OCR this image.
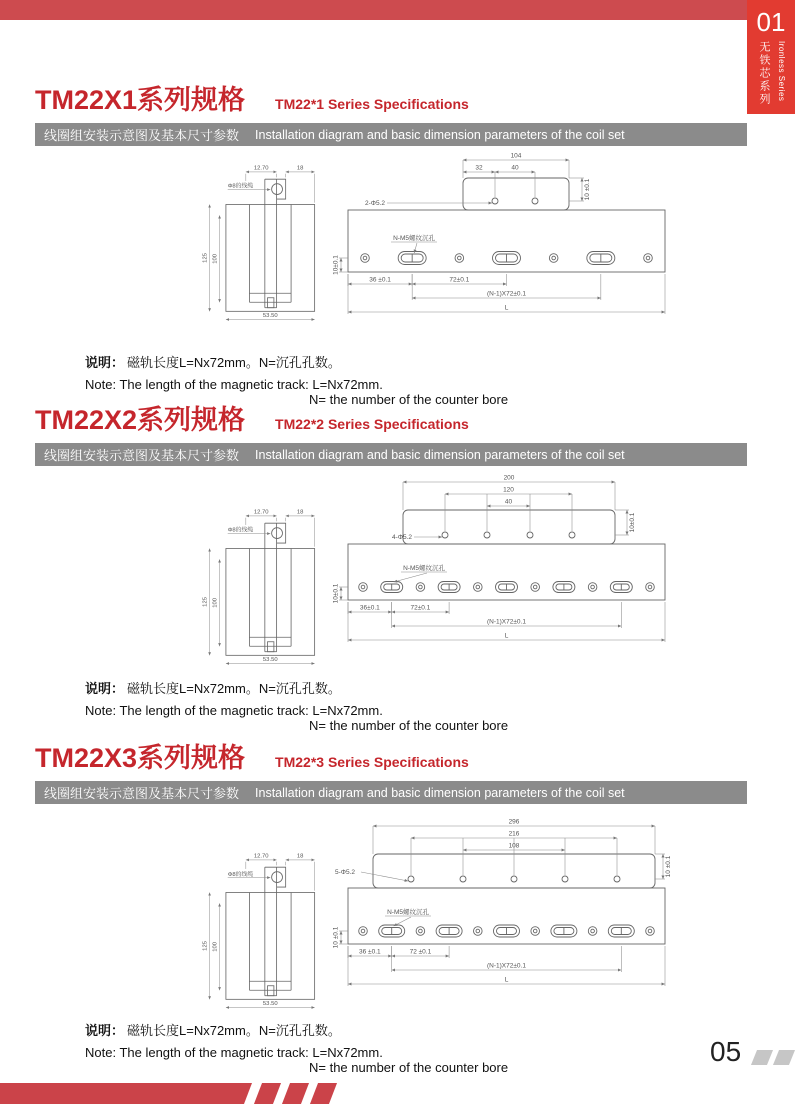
01
无铁芯系列 Ironless Series
TM22X1系列规格 TM22*1 Series Specifications
线圈组安装示意图及基本尺寸参数 Installation diagram and basic dimension parameters of the coil set
12.70	18
125 100
53.50
Φ8的线缆
104
32	40
10 ±0.1
2-Φ5.2
N-M5螺纹沉孔
10±0.1
36 ±0.1	72±0.1
(N-1)X72±0.1
L

说明： 磁轨长度L=Nx72mm。N=沉孔孔数。

Note: The length of the magnetic track: L=Nx72mm.

N= the number of the counter bore

TM22X2系列规格 TM22*2 Series Specifications
线圈组安装示意图及基本尺寸参数 Installation diagram and basic dimension parameters of the coil set
12.70	18
125 100
53.50
Φ8的线缆
200
120
40
10±0.1
4-Φ5.2
N-M5螺纹沉孔
10±0.1
36±0.1	72±0.1
(N-1)X72±0.1
L

说明： 磁轨长度L=Nx72mm。N=沉孔孔数。

Note: The length of the magnetic track: L=Nx72mm.

N= the number of the counter bore

TM22X3系列规格 TM22*3 Series Specifications
线圈组安装示意图及基本尺寸参数 Installation diagram and basic dimension parameters of the coil set
12.70	18
125 100
53.50
Φ8的线缆
296
216
108
10 ±0.1
5-Φ5.2
N-M5螺纹沉孔
10 ±0.1
36 ±0.1	72 ±0.1
(N-1)X72±0.1
L

说明： 磁轨长度L=Nx72mm。N=沉孔孔数。

Note: The length of the magnetic track: L=Nx72mm.

N= the number of the counter bore

05
